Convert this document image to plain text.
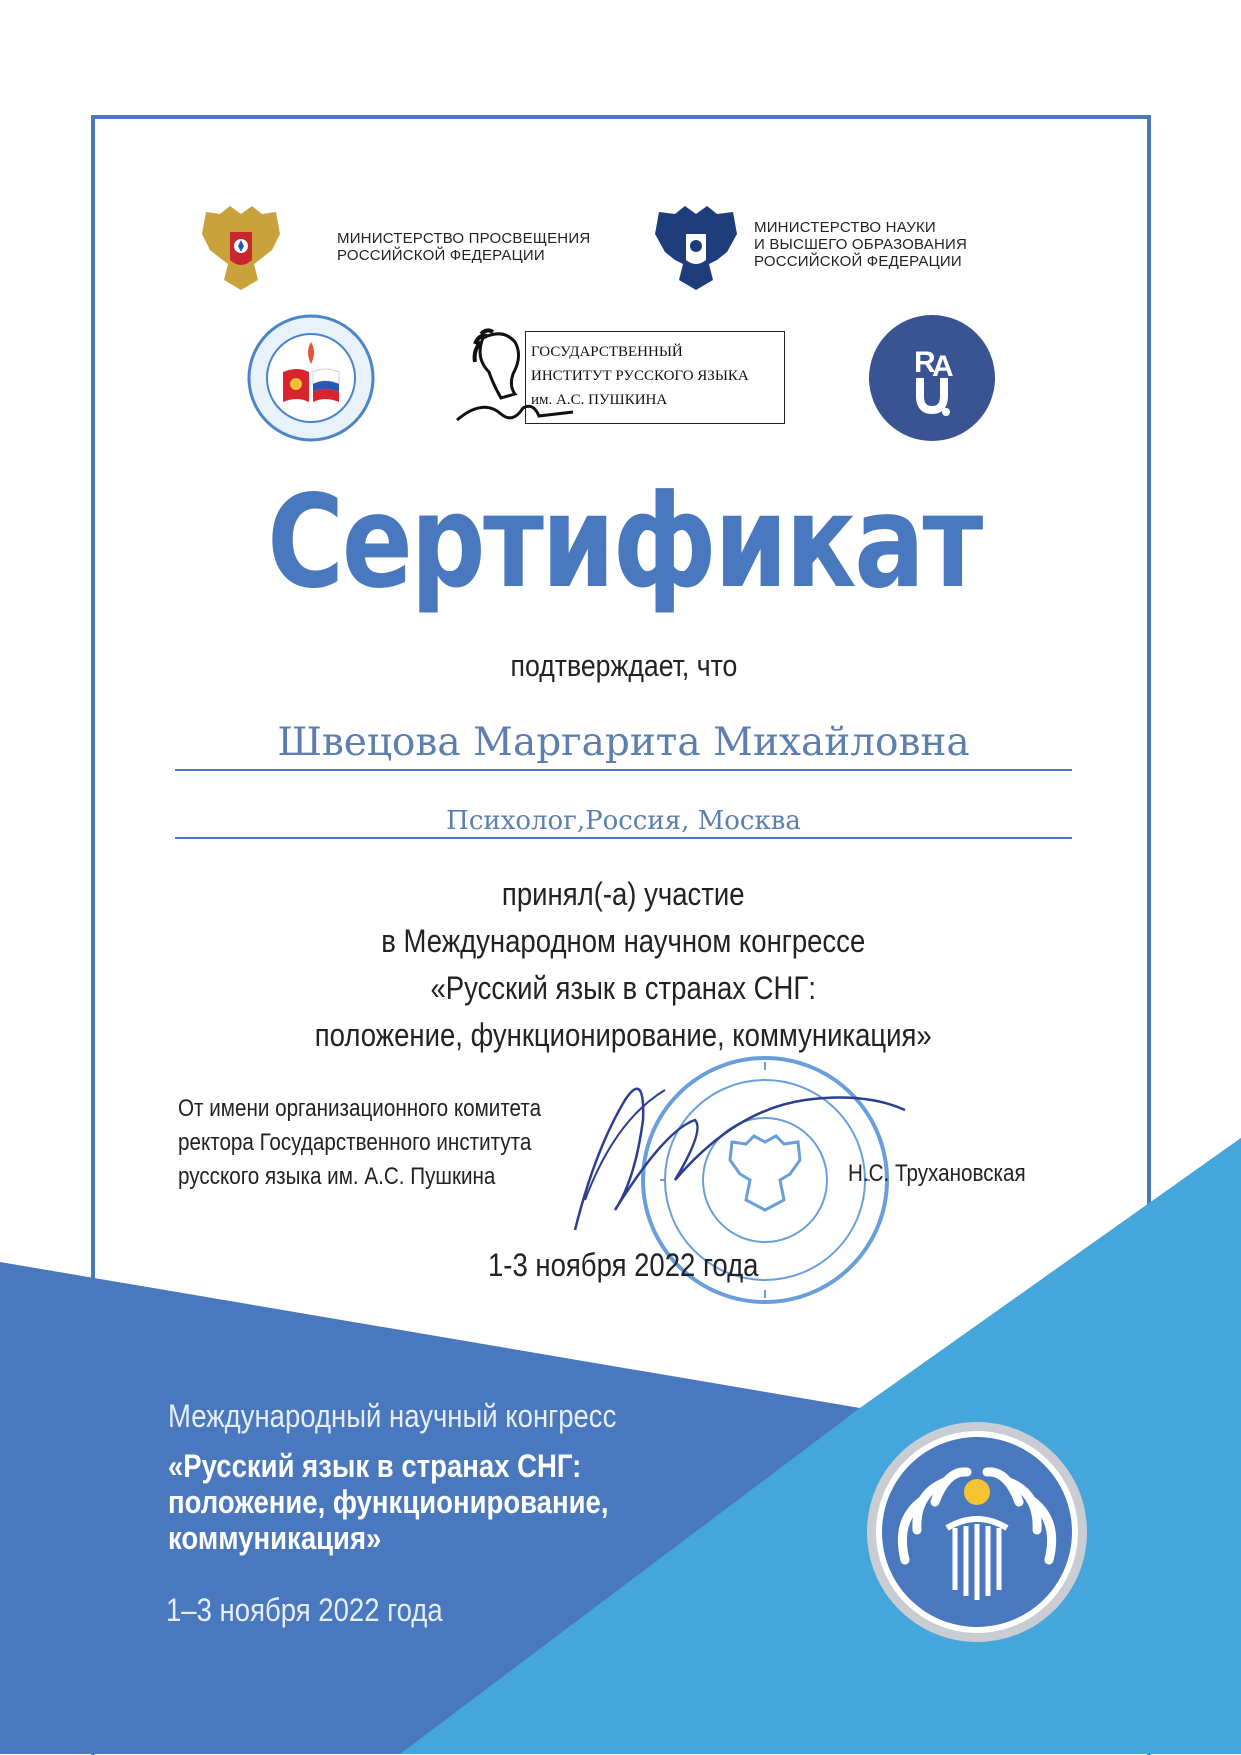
МИНИСТЕРСТВО ПРОСВЕЩЕНИЯ
РОССИЙСКОЙ ФЕДЕРАЦИИ
МИНИСТЕРСТВО НАУКИ
И ВЫСШЕГО ОБРАЗОВАНИЯ
РОССИЙСКОЙ ФЕДЕРАЦИИ
ГОСУДАРСТВЕННЫЙ
ИНСТИТУТ РУССКОГО ЯЗЫКА
им. А.С. ПУШКИНА
R
A
Сертификат
подтверждает, что
Швецова Маргарита Михайловна
Психолог,Россия, Москва
принял(-а) участие
в Международном научном конгрессе
«Русский язык в странах СНГ:
положение, функционирование, коммуникация»
От имени организационного комитета
ректора Государственного института
русского языка им. А.С. Пушкина	Н.С. Трухановская
1-3 ноября 2022 года
Международный научный конгресс
«Русский язык в странах СНГ:
положение, функционирование,
коммуникация»
1–3 ноября 2022 года
